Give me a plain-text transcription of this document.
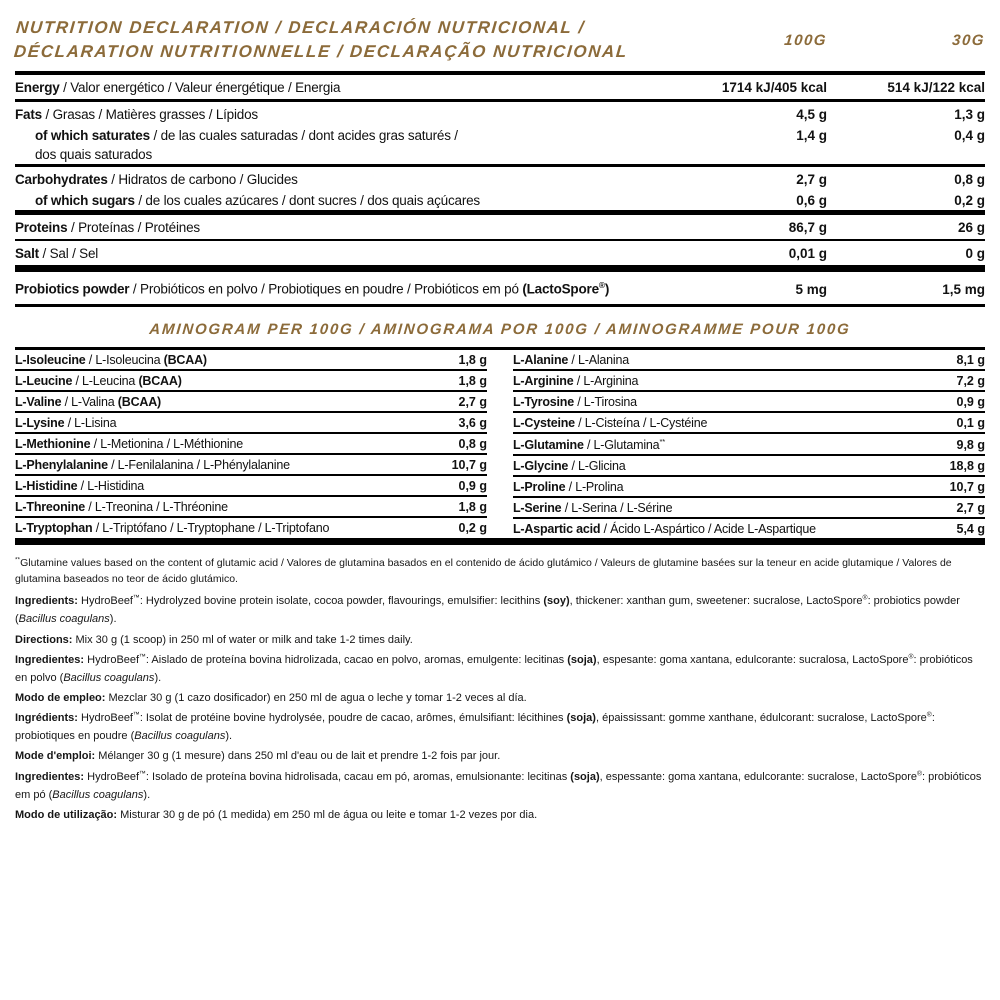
NUTRITION DECLARATION / DECLARACIÓN NUTRICIONAL /
DÉCLARATION NUTRITIONNELLE / DECLARAÇÃO NUTRICIONAL
100G	30G
Energy / Valor energético / Valeur énergétique / Energia	1714 kJ/405 kcal	514 kJ/122 kcal
Fats / Grasas / Matières grasses / Lípidos	4,5 g	1,3 g
of which saturates / de las cuales saturadas / dont acides gras saturés /	1,4 g	0,4 g
dos quais saturados
Carbohydrates / Hidratos de carbono / Glucides	2,7 g	0,8 g
of which sugars / de los cuales azúcares / dont sucres / dos quais açúcares	0,6 g	0,2 g
Proteins / Proteínas / Protéines	86,7 g	26 g
Salt / Sal / Sel	0,01 g	0 g
Probiotics powder / Probióticos en polvo / Probiotiques en poudre / Probióticos em pó (LactoSpore®)	5 mg	1,5 mg
AMINOGRAM PER 100G / AMINOGRAMA POR 100G / AMINOGRAMME POUR 100G
L-Isoleucine / L-Isoleucina (BCAA)	1,8 g
L-Leucine / L-Leucina (BCAA)	1,8 g
L-Valine / L-Valina (BCAA)	2,7 g
L-Lysine / L-Lisina	3,6 g
L-Methionine / L-Metionina / L-Méthionine	0,8 g
L-Phenylalanine / L-Fenilalanina / L-Phénylalanine	10,7 g
L-Histidine / L-Histidina	0,9 g
L-Threonine / L-Treonina / L-Thréonine	1,8 g
L-Tryptophan / L-Triptófano / L-Tryptophane / L-Triptofano	0,2 g
L-Alanine / L-Alanina	8,1 g
L-Arginine / L-Arginina	7,2 g
L-Tyrosine / L-Tirosina	0,9 g
L-Cysteine / L-Cisteína / L-Cystéine	0,1 g
L-Glutamine / L-Glutamina**	9,8 g
L-Glycine / L-Glicina	18,8 g
L-Proline / L-Prolina	10,7 g
L-Serine / L-Serina / L-Sérine	2,7 g
L-Aspartic acid / Ácido L-Aspártico / Acide L-Aspartique	5,4 g
**Glutamine values based on the content of glutamic acid / Valores de glutamina basados en el contenido de ácido glutámico / Valeurs de glutamine basées sur la teneur en acide glutamique / Valores de glutamina baseados no teor de ácido glutámico.
Ingredients: HydroBeef™: Hydrolyzed bovine protein isolate, cocoa powder, flavourings, emulsifier: lecithins (soy), thickener: xanthan gum, sweetener: sucralose, LactoSpore®: probiotics powder (Bacillus coagulans).
Directions: Mix 30 g (1 scoop) in 250 ml of water or milk and take 1-2 times daily.
Ingredientes: HydroBeef™: Aislado de proteína bovina hidrolizada, cacao en polvo, aromas, emulgente: lecitinas (soja), espesante: goma xantana, edulcorante: sucralosa, LactoSpore®: probióticos en polvo (Bacillus coagulans).
Modo de empleo: Mezclar 30 g (1 cazo dosificador) en 250 ml de agua o leche y tomar 1-2 veces al día.
Ingrédients: HydroBeef™: Isolat de protéine bovine hydrolysée, poudre de cacao, arômes, émulsifiant: lécithines (soja), épaississant: gomme xanthane, édulcorant: sucralose, LactoSpore®: probiotiques en poudre (Bacillus coagulans).
Mode d'emploi: Mélanger 30 g (1 mesure) dans 250 ml d'eau ou de lait et prendre 1-2 fois par jour.
Ingredientes: HydroBeef™: Isolado de proteína bovina hidrolisada, cacau em pó, aromas, emulsionante: lecitinas (soja), espessante: goma xantana, edulcorante: sucralose, LactoSpore®: probióticos em pó (Bacillus coagulans).
Modo de utilização: Misturar 30 g de pó (1 medida) em 250 ml de água ou leite e tomar 1-2 vezes por dia.
